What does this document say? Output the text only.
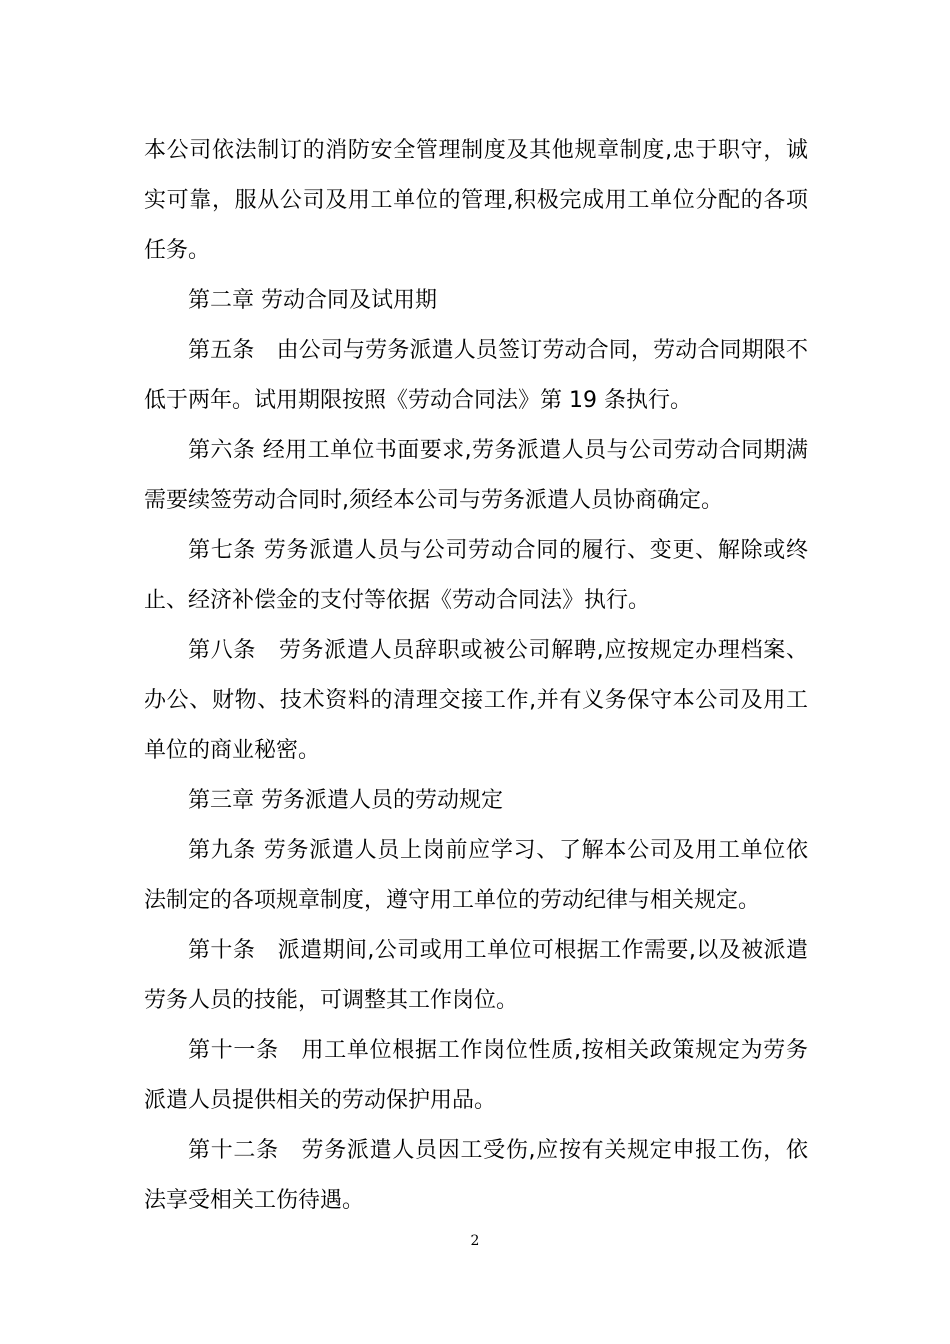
本公司依法制订的消防安全管理制度及其他规章制度,忠于职守，诚实可靠，服从公司及用工单位的管理,积极完成用工单位分配的各项任务。

第二章 劳动合同及试用期

第五条　由公司与劳务派遣人员签订劳动合同，劳动合同期限不低于两年。试用期限按照《劳动合同法》第 19 条执行。

第六条 经用工单位书面要求,劳务派遣人员与公司劳动合同期满需要续签劳动合同时,须经本公司与劳务派遣人员协商确定。

第七条 劳务派遣人员与公司劳动合同的履行、变更、解除或终止、经济补偿金的支付等依据《劳动合同法》执行。

第八条　劳务派遣人员辞职或被公司解聘,应按规定办理档案、办公、财物、技术资料的清理交接工作,并有义务保守本公司及用工单位的商业秘密。

第三章 劳务派遣人员的劳动规定

第九条 劳务派遣人员上岗前应学习、了解本公司及用工单位依法制定的各项规章制度，遵守用工单位的劳动纪律与相关规定。

第十条　派遣期间,公司或用工单位可根据工作需要,以及被派遣劳务人员的技能，可调整其工作岗位。

第十一条　用工单位根据工作岗位性质,按相关政策规定为劳务派遣人员提供相关的劳动保护用品。

第十二条　劳务派遣人员因工受伤,应按有关规定申报工伤，依法享受相关工伤待遇。

2
